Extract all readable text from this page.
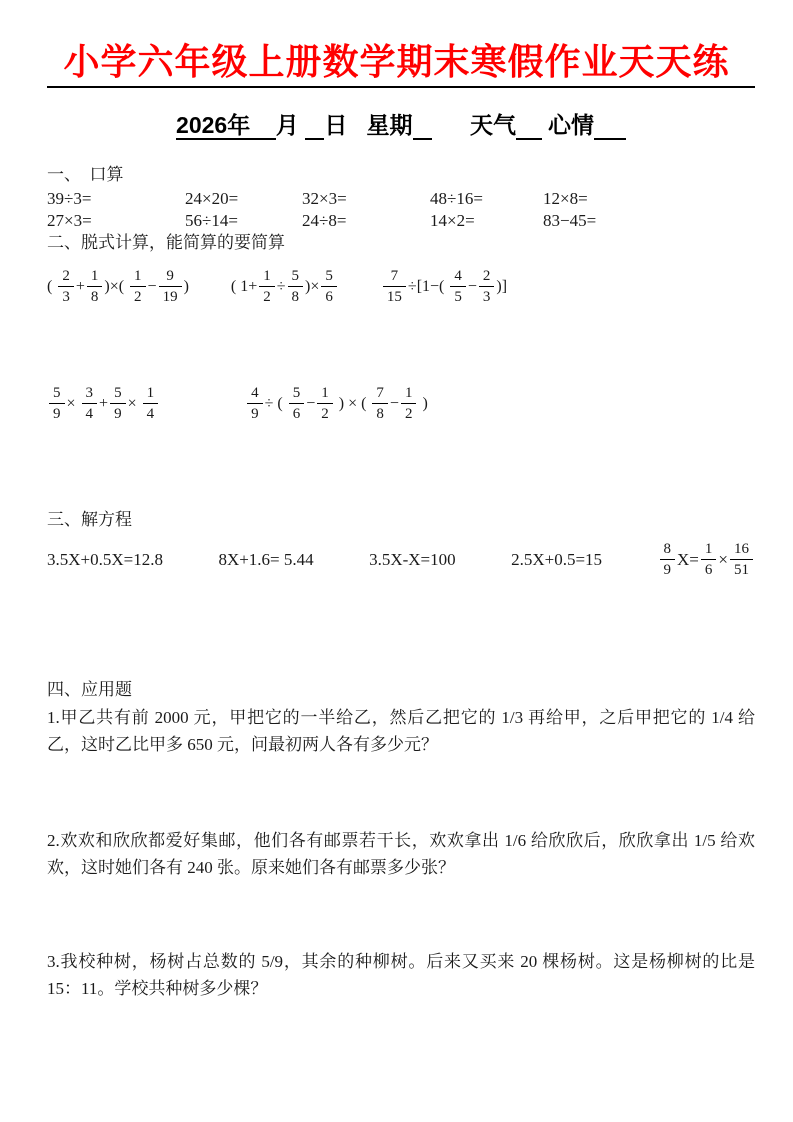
小学六年级上册数学期末寒假作业天天练
2026年 月    日   星期         天气     心情
一、　口算
39÷3=	24×20=	32×3=	48÷16=	12×8=
27×3=	56÷14=	24÷8=	14×2=	83−45=
二、脱式计算，能简算的要简算
( $\frac{2}{3} + \frac{1}{8}$ )×( $\frac{1}{2} - \frac{9}{19}$ )	( $1+ \frac{1}{2} \div \frac{5}{8}$ )× $\frac{5}{6}$	$\frac{7}{15} \div[1-( \frac{4}{5} - \frac{2}{3}$ )]
$\frac{5}{9} \times \frac{3}{4} + \frac{5}{9} \times \frac{1}{4}$	$\frac{4}{9}$ ÷ ( $\frac{5}{6} - \frac{1}{2}$ ) × ( $\frac{7}{8} - \frac{1}{2}$ )
三、解方程
3.5X+0.5X=12.8	8X+1.6= 5.44	3.5X-X=100	2.5X+0.5=15	$\frac{8}{9} X= \frac{1}{6} \times \frac{16}{51}$
四、应用题

1.甲乙共有前 2000 元，甲把它的一半给乙，然后乙把它的 1/3 再给甲，之后甲把它的 1/4 给乙，这时乙比甲多 650 元，问最初两人各有多少元？

2.欢欢和欣欣都爱好集邮，他们各有邮票若干长，欢欢拿出 1/6 给欣欣后，欣欣拿出 1/5 给欢欢，这时她们各有 240 张。原来她们各有邮票多少张？

3.我校种树，杨树占总数的 5/9，其余的种柳树。后来又买来 20 棵杨树。这是杨柳树的比是 15：11。学校共种树多少棵？
